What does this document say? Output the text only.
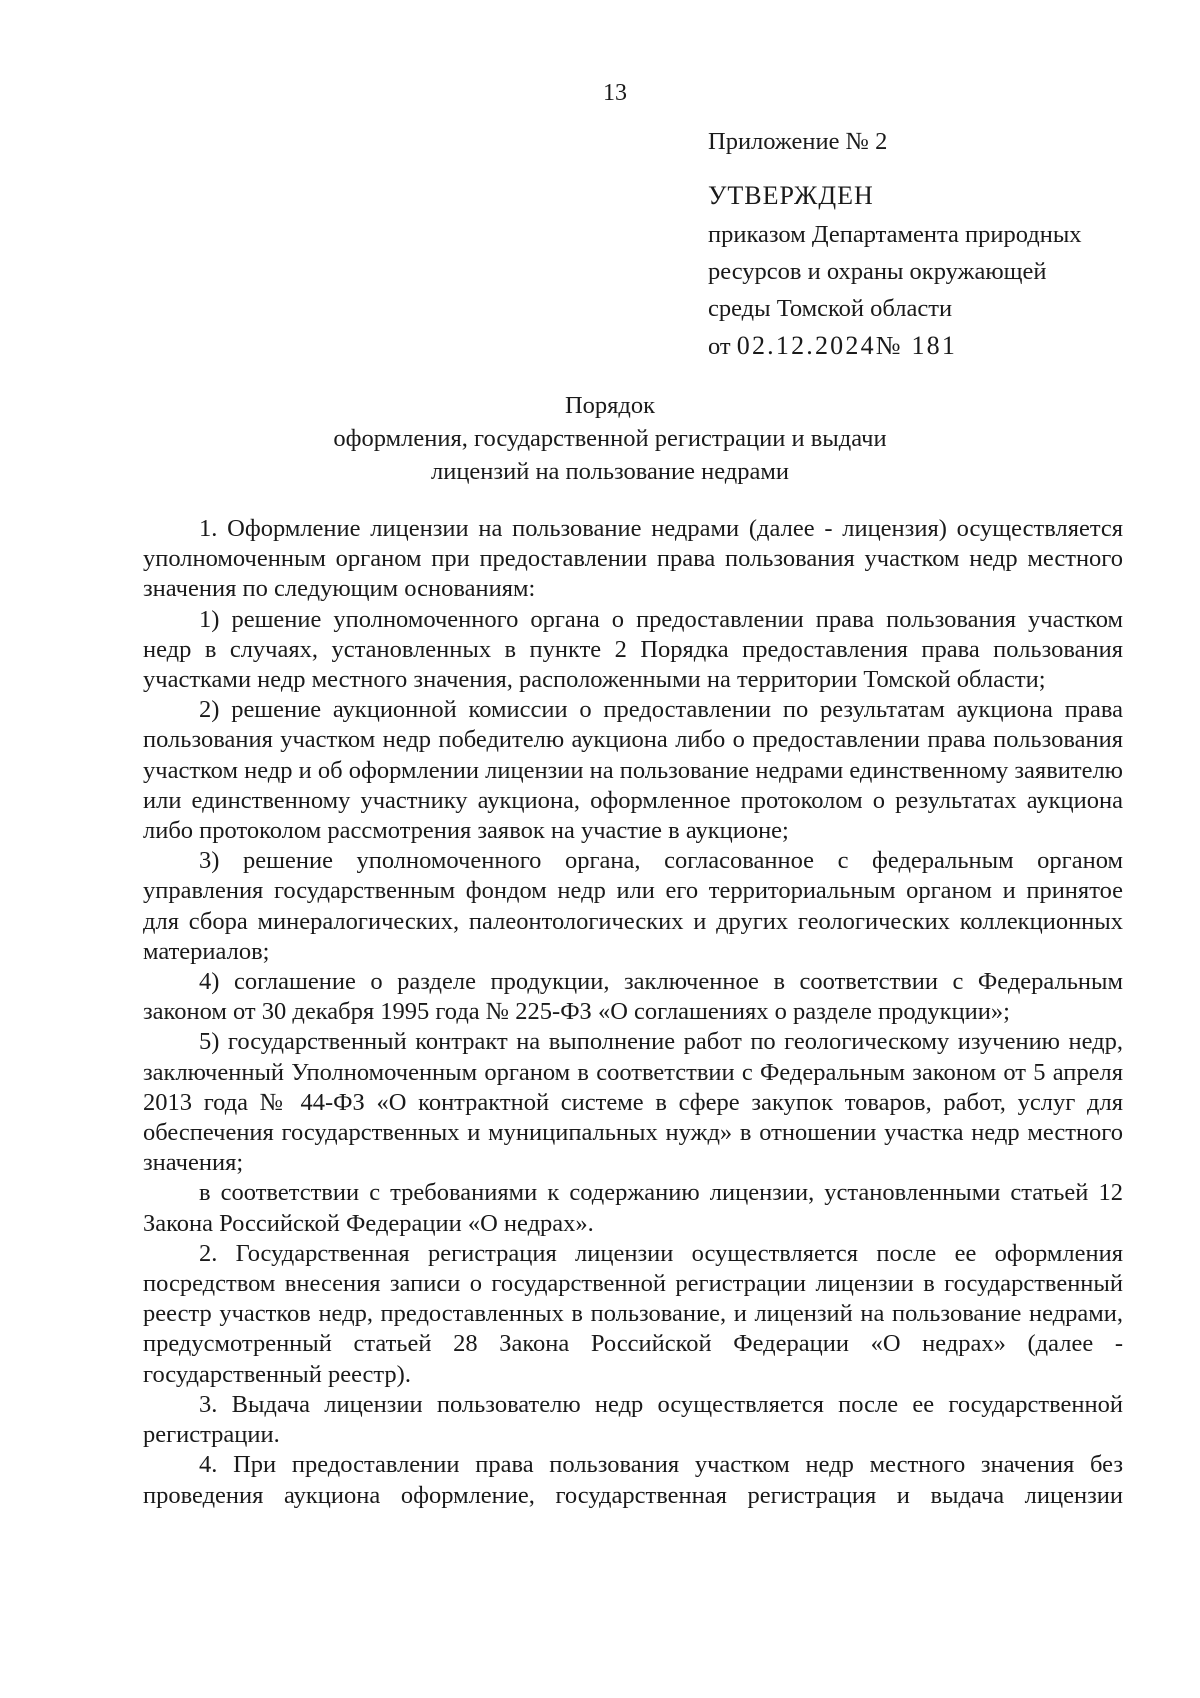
13
Приложение № 2
УТВЕРЖДЕН
приказом Департамента природных
ресурсов и охраны окружающей
среды Томской области
от 02.12.2024№ 181
Порядок
оформления, государственной регистрации и выдачи
лицензий на пользование недрами

1. Оформление лицензии на пользование недрами (далее - лицензия) осуществляется уполномоченным органом при предоставлении права пользования участком недр местного значения по следующим основаниям:

1) решение уполномоченного органа о предоставлении права пользования участком недр в случаях, установленных в пункте 2 Порядка предоставления права пользования участками недр местного значения, расположенными на территории Томской области;

2) решение аукционной комиссии о предоставлении по результатам аукциона права пользования участком недр победителю аукциона либо о предоставлении права пользования участком недр и об оформлении лицензии на пользование недрами единственному заявителю или единственному участнику аукциона, оформленное протоколом о результатах аукциона либо протоколом рассмотрения заявок на участие в аукционе;

3) решение уполномоченного органа, согласованное с федеральным органом управления государственным фондом недр или его территориальным органом и принятое для сбора минералогических, палеонтологических и других геологических коллекционных материалов;

4) соглашение о разделе продукции, заключенное в соответствии с Федеральным законом от 30 декабря 1995 года № 225-ФЗ «О соглашениях о разделе продукции»;

5) государственный контракт на выполнение работ по геологическому изучению недр, заключенный Уполномоченным органом в соответствии с Федеральным законом от 5 апреля 2013 года № 44-ФЗ «О контрактной системе в сфере закупок товаров, работ, услуг для обеспечения государственных и муниципальных нужд» в отношении участка недр местного значения;

в соответствии с требованиями к содержанию лицензии, установленными статьей 12 Закона Российской Федерации «О недрах».

2. Государственная регистрация лицензии осуществляется после ее оформления посредством внесения записи о государственной регистрации лицензии в государственный реестр участков недр, предоставленных в пользование, и лицензий на пользование недрами, предусмотренный статьей 28 Закона Российской Федерации «О недрах» (далее - государственный реестр).

3. Выдача лицензии пользователю недр осуществляется после ее государственной регистрации.

4. При предоставлении права пользования участком недр местного значения без проведения аукциона оформление, государственная регистрация и выдача лицензии
